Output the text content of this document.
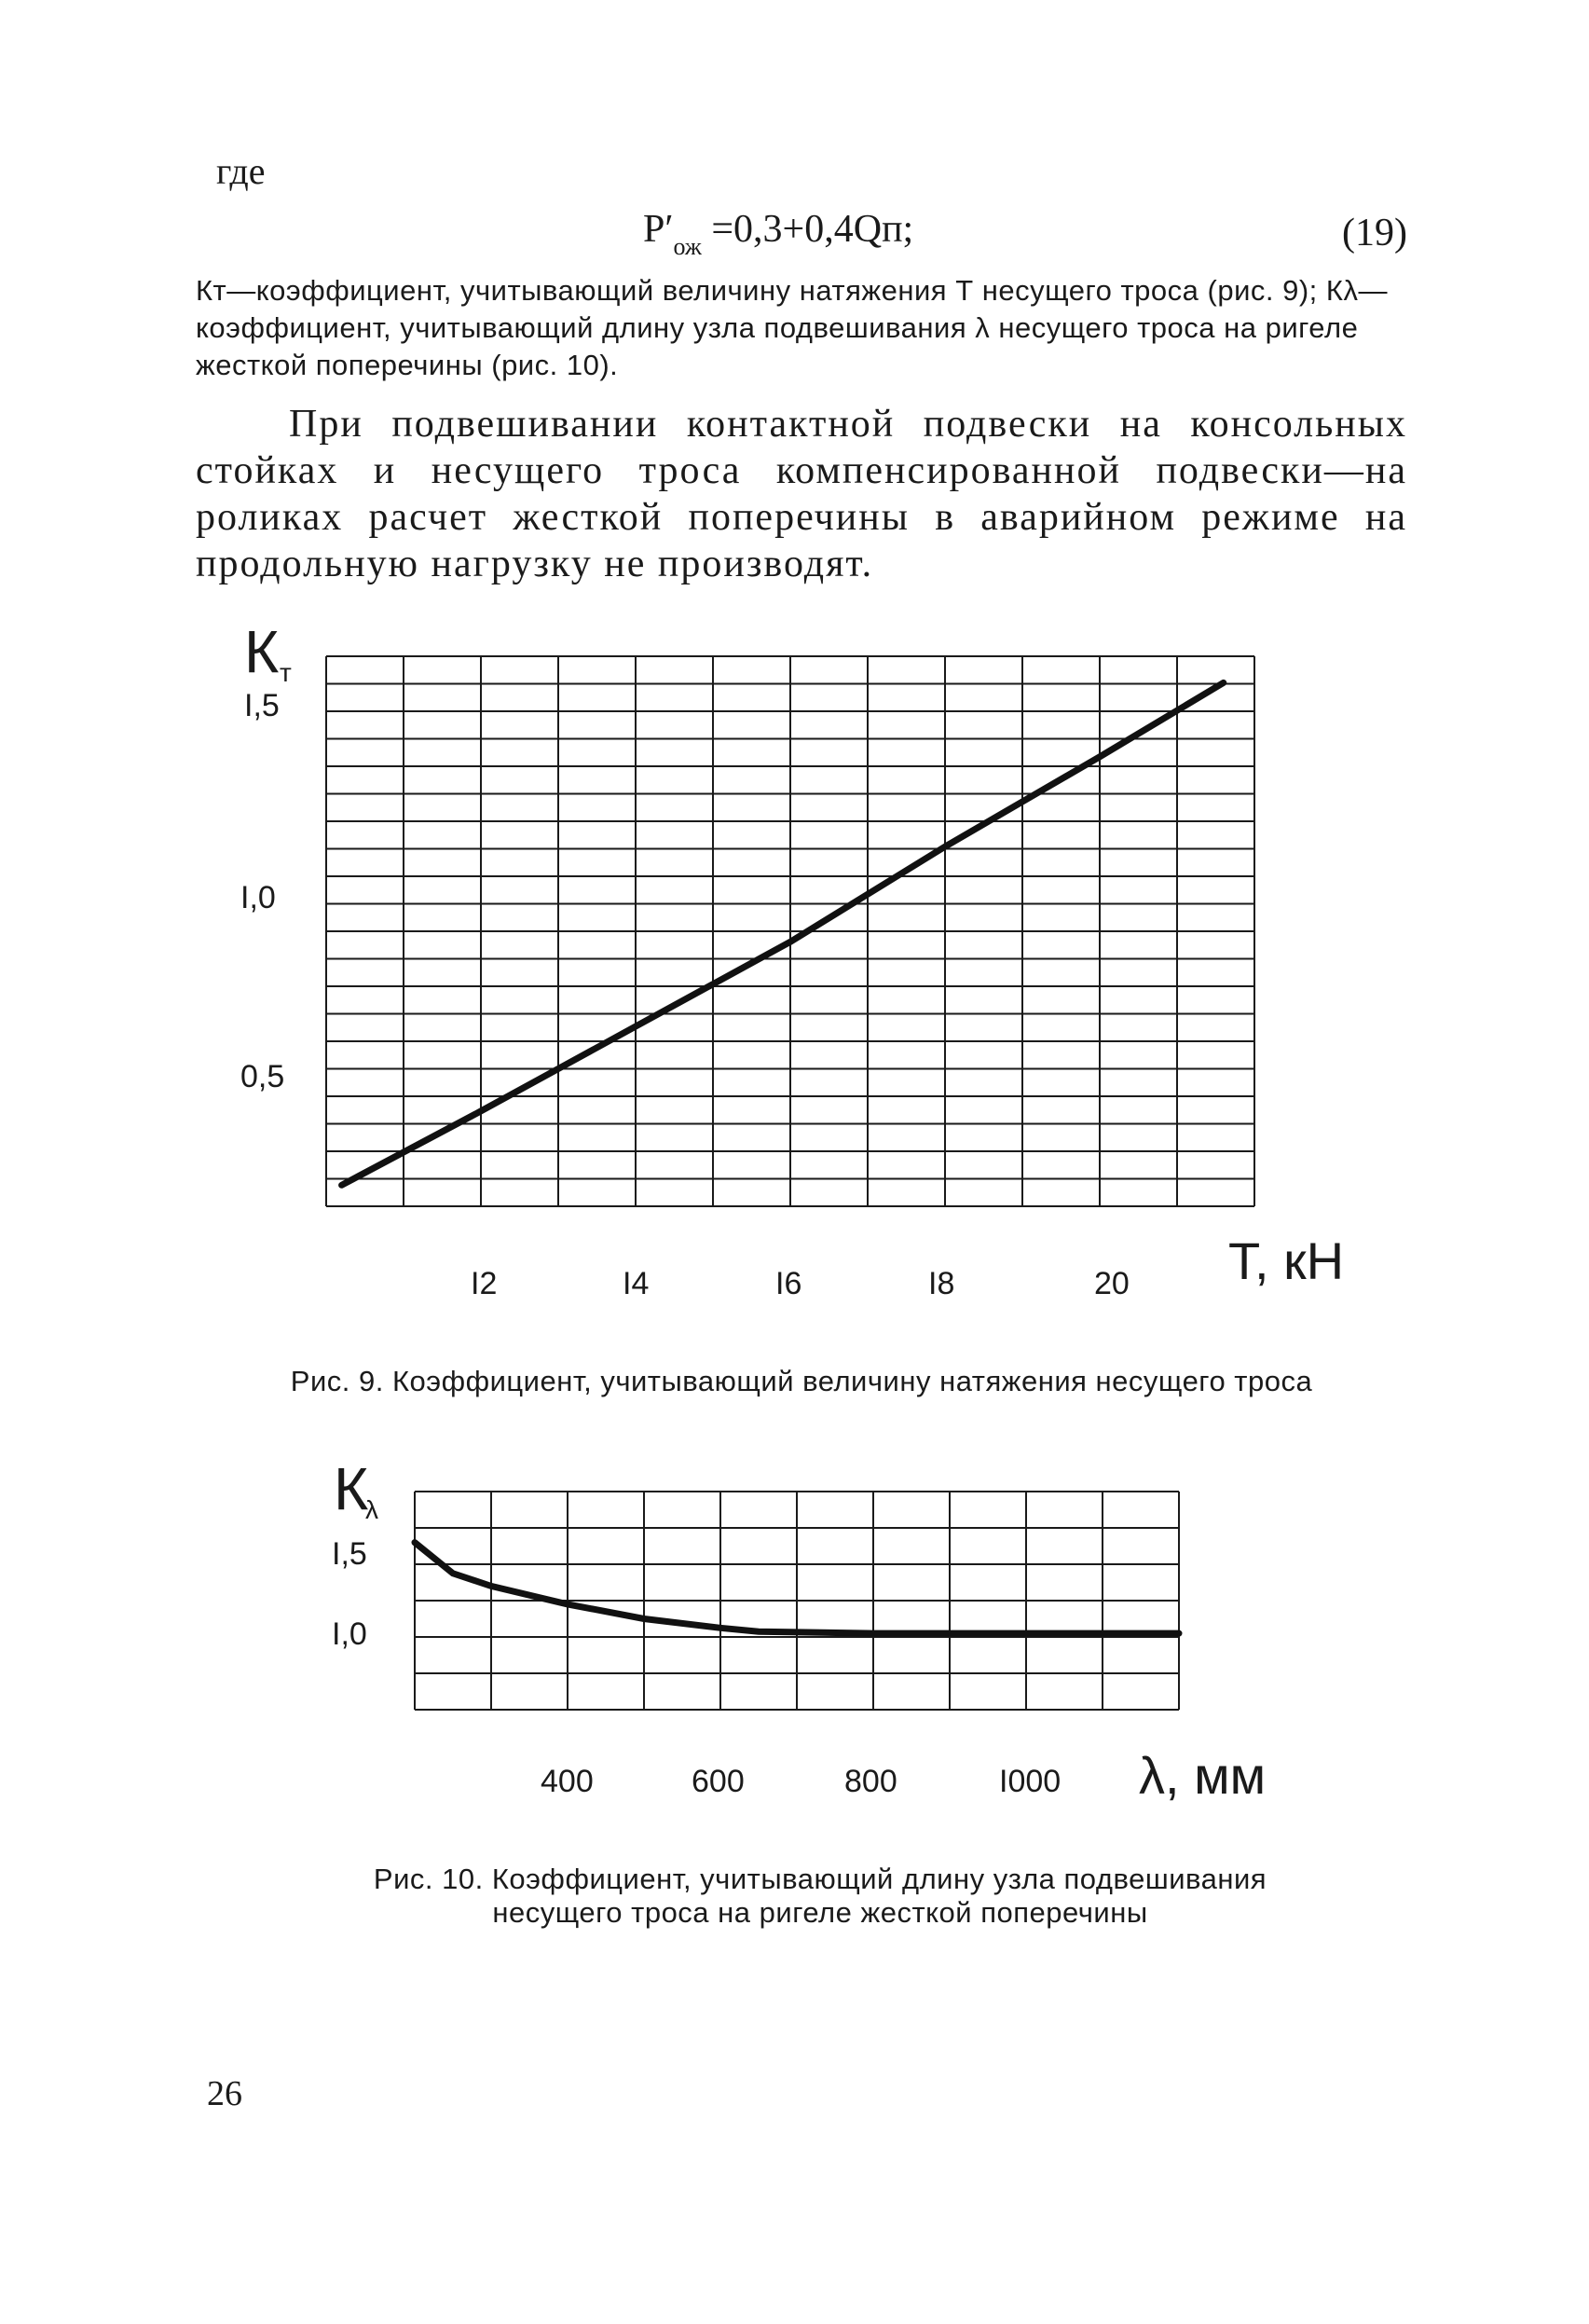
где
$P'_{ож} =0,3+0,4Qп$;	(19)
Кт—коэффициент, учитывающий величину натяжения Т несущего троса (рис. 9); Кλ—коэффициент, учитывающий длину узла подвешивания λ несущего троса на ригеле жесткой поперечины (рис. 10).

При подвешивании контактной подвески на консольных стойках и несущего троса компенсированной подвески—на роликах расчет жесткой поперечины в аварийном режиме на продольную нагрузку не производят.

К т
I,5
I,0
0,5
I2	I4	I6	I8	20 T, кН
Рис. 9. Коэффициент, учитывающий величину натяжения несущего троса
К
λ
I,5
I,0
400	600	800	I000 λ, мм
Рис. 10. Коэффициент, учитывающий длину узла подвешивания несущего троса на ригеле жесткой поперечины
26
